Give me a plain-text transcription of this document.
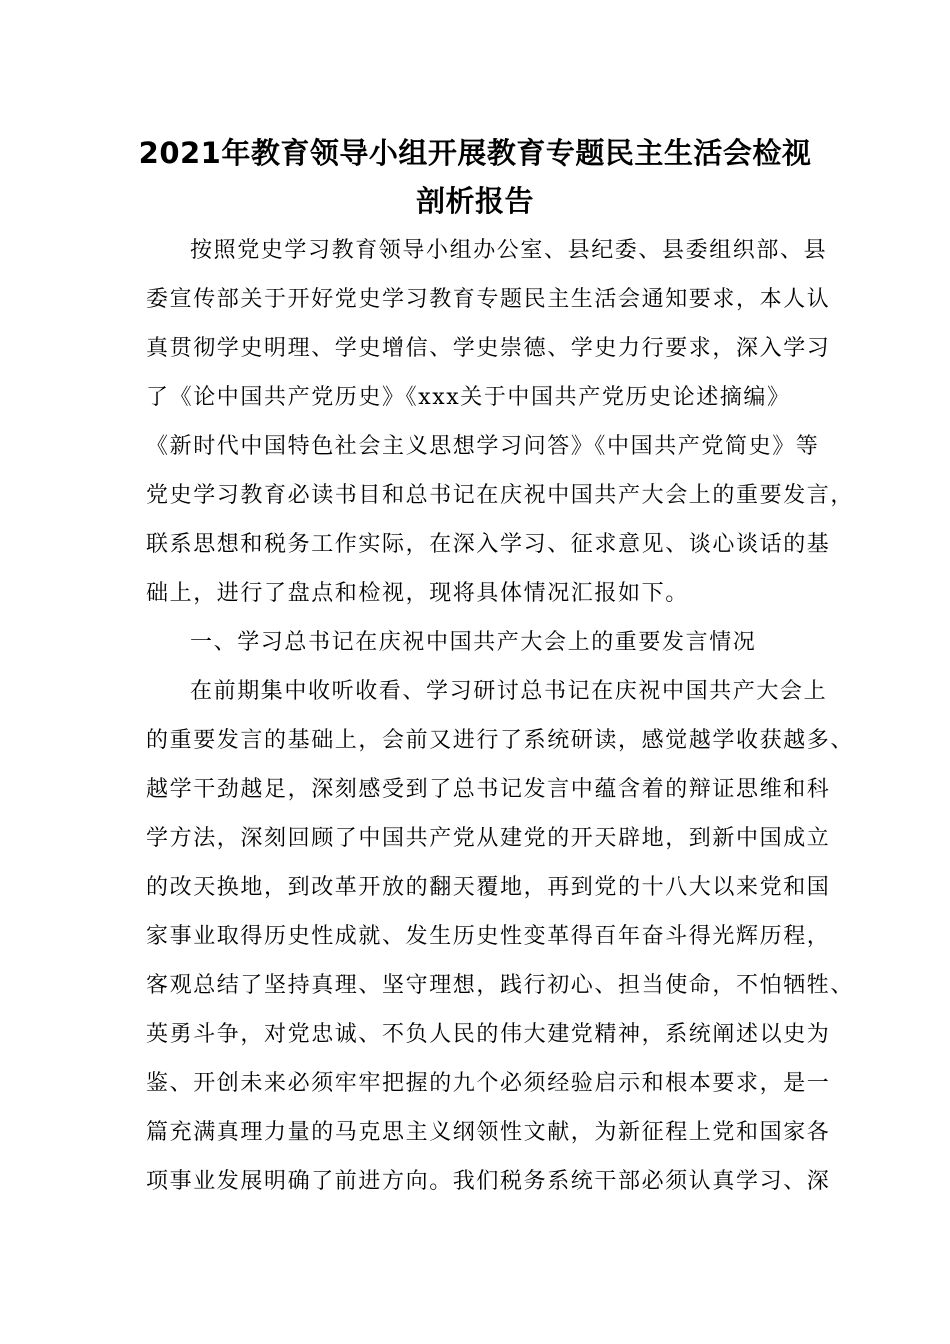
2021年教育领导小组开展教育专题民主生活会检视
剖析报告
按照党史学习教育领导小组办公室、县纪委、县委组织部、县
委宣传部关于开好党史学习教育专题民主生活会通知要求，本人认
真贯彻学史明理、学史增信、学史崇德、学史力行要求，深入学习
了《论中国共产党历史》《xxx关于中国共产党历史论述摘编》
《新时代中国特色社会主义思想学习问答》《中国共产党简史》等
党史学习教育必读书目和总书记在庆祝中国共产大会上的重要发言，
联系思想和税务工作实际，在深入学习、征求意见、谈心谈话的基
础上，进行了盘点和检视，现将具体情况汇报如下。
一、学习总书记在庆祝中国共产大会上的重要发言情况
在前期集中收听收看、学习研讨总书记在庆祝中国共产大会上
的重要发言的基础上，会前又进行了系统研读，感觉越学收获越多、
越学干劲越足，深刻感受到了总书记发言中蕴含着的辩证思维和科
学方法，深刻回顾了中国共产党从建党的开天辟地，到新中国成立
的改天换地，到改革开放的翻天覆地，再到党的十八大以来党和国
家事业取得历史性成就、发生历史性变革得百年奋斗得光辉历程，
客观总结了坚持真理、坚守理想，践行初心、担当使命，不怕牺牲、
英勇斗争，对党忠诚、不负人民的伟大建党精神，系统阐述以史为
鉴、开创未来必须牢牢把握的九个必须经验启示和根本要求，是一
篇充满真理力量的马克思主义纲领性文献，为新征程上党和国家各
项事业发展明确了前进方向。我们税务系统干部必须认真学习、深
